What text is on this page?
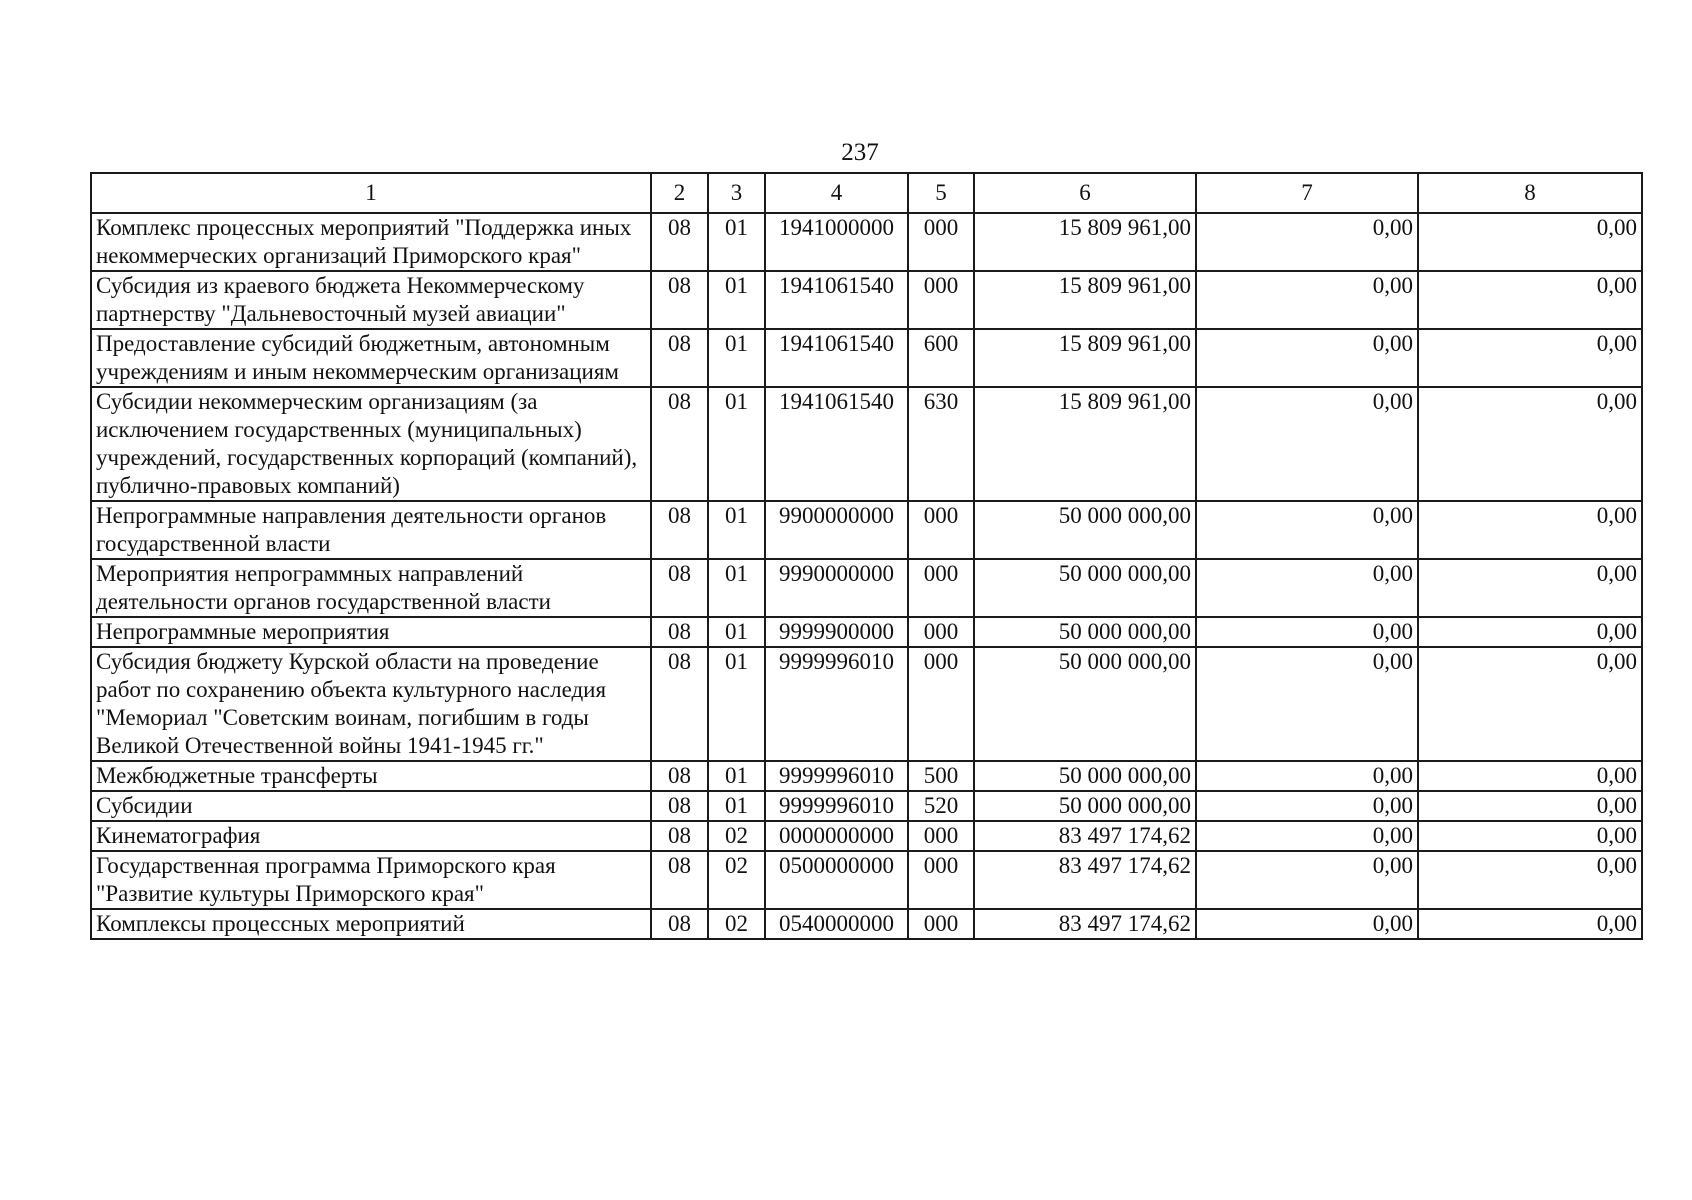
237
1	2	3	4	5	6	7	8
Комплекс процессных мероприятий "Поддержка иных некоммерческих организаций Приморского края"	08	01	1941000000	000	15 809 961,00	0,00	0,00
Субсидия из краевого бюджета Некоммерческому партнерству "Дальневосточный музей авиации"	08	01	1941061540	000	15 809 961,00	0,00	0,00
Предоставление субсидий бюджетным, автономным учреждениям и иным некоммерческим организациям	08	01	1941061540	600	15 809 961,00	0,00	0,00
Субсидии некоммерческим организациям (за исключением государственных (муниципальных) учреждений, государственных корпораций (компаний), публично-правовых компаний)	08	01	1941061540	630	15 809 961,00	0,00	0,00
Непрограммные направления деятельности органов государственной власти	08	01	9900000000	000	50 000 000,00	0,00	0,00
Мероприятия непрограммных направлений деятельности органов государственной власти	08	01	9990000000	000	50 000 000,00	0,00	0,00
Непрограммные мероприятия	08	01	9999900000	000	50 000 000,00	0,00	0,00
Субсидия бюджету Курской области на проведение работ по сохранению объекта культурного наследия "Мемориал "Советским воинам, погибшим в годы Великой Отечественной войны 1941-1945 гг."	08	01	9999996010	000	50 000 000,00	0,00	0,00
Межбюджетные трансферты	08	01	9999996010	500	50 000 000,00	0,00	0,00
Субсидии	08	01	9999996010	520	50 000 000,00	0,00	0,00
Кинематография	08	02	0000000000	000	83 497 174,62	0,00	0,00
Государственная программа Приморского края "Развитие культуры Приморского края"	08	02	0500000000	000	83 497 174,62	0,00	0,00
Комплексы процессных мероприятий	08	02	0540000000	000	83 497 174,62	0,00	0,00
